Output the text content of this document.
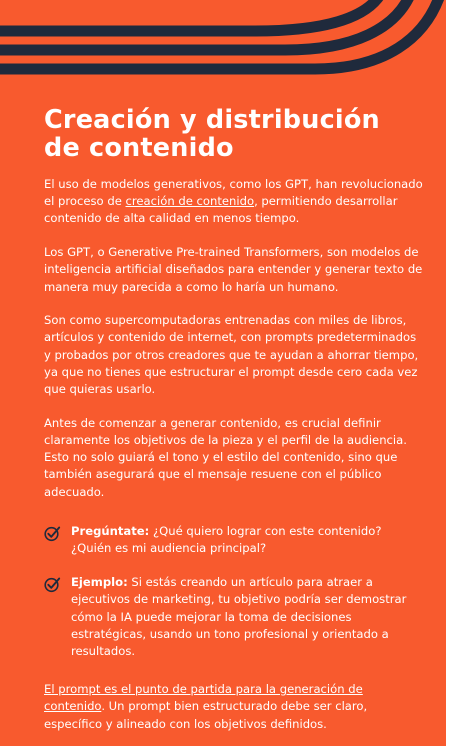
Creación y distribución
de contenido

El uso de modelos generativos, como los GPT, han revolucionado el proceso de creación de contenido, permitiendo desarrollar contenido de alta calidad en menos tiempo.

Los GPT, o Generative Pre-trained Transformers, son modelos de inteligencia artificial diseñados para entender y generar texto de manera muy parecida a como lo haría un humano.

Son como supercomputadoras entrenadas con miles de libros, artículos y contenido de internet, con prompts predeterminados y probados por otros creadores que te ayudan a ahorrar tiempo, ya que no tienes que estructurar el prompt desde cero cada vez que quieras usarlo.

Antes de comenzar a generar contenido, es crucial definir claramente los objetivos de la pieza y el perfil de la audiencia. Esto no solo guiará el tono y el estilo del contenido, sino que también asegurará que el mensaje resuene con el público adecuado.

Pregúntate: ¿Qué quiero lograr con este contenido? ¿Quién es mi audiencia principal?
Ejemplo: Si estás creando un artículo para atraer a ejecutivos de marketing, tu objetivo podría ser demostrar cómo la IA puede mejorar la toma de decisiones estratégicas, usando un tono profesional y orientado a resultados.

El prompt es el punto de partida para la generación de contenido. Un prompt bien estructurado debe ser claro, específico y alineado con los objetivos definidos.
